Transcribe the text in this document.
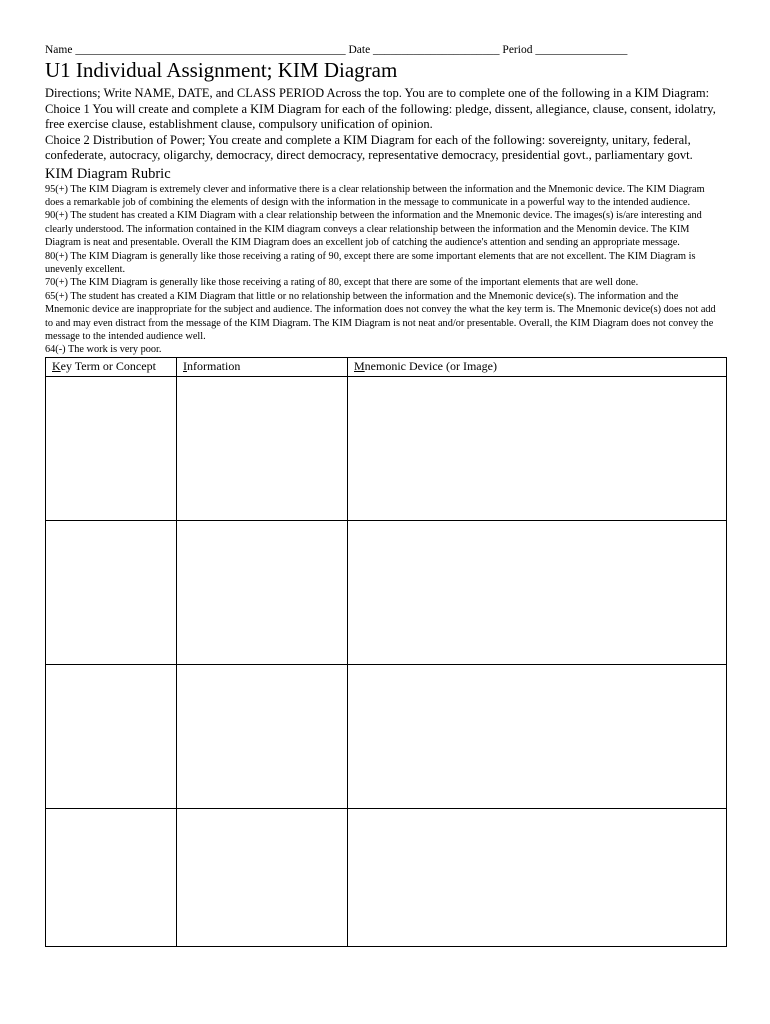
Name _______________________________________________ Date ______________________ Period ________________
U1 Individual Assignment; KIM Diagram

Directions; Write NAME, DATE, and CLASS PERIOD Across the top. You are to complete one of the following in a KIM Diagram:

Choice 1 You will create and complete a KIM Diagram for each of the following: pledge, dissent, allegiance, clause, consent, idolatry, free exercise clause, establishment clause, compulsory unification of opinion.

Choice 2 Distribution of Power; You create and complete a KIM Diagram for each of the following: sovereignty, unitary, federal, confederate, autocracy, oligarchy, democracy, direct democracy, representative democracy, presidential govt., parliamentary govt.

KIM Diagram Rubric

95(+) The KIM Diagram is extremely clever and informative there is a clear relationship between the information and the Mnemonic device. The KIM Diagram does a remarkable job of combining the elements of design with the information in the message to communicate in a powerful way to the intended audience.

90(+) The student has created a KIM Diagram with a clear relationship between the information and the Mnemonic device. The images(s) is/are interesting and clearly understood. The information contained in the KIM diagram conveys a clear relationship between the information and the Menomin device. The KIM Diagram is neat and presentable. Overall the KIM Diagram does an excellent job of catching the audience's attention and sending an appropriate message.

80(+) The KIM Diagram is generally like those receiving a rating of 90, except there are some important elements that are not excellent. The KIM Diagram is unevenly excellent.

70(+) The KIM Diagram is generally like those receiving a rating of 80, except that there are some of the important elements that are well done.

65(+) The student has created a KIM Diagram that little or no relationship between the information and the Mnemonic device(s). The information and the Mnemonic device are inappropriate for the subject and audience. The information does not convey the what the key term is. The Mnemonic device(s) does not add to and may even distract from the message of the KIM Diagram. The KIM Diagram is not neat and/or presentable. Overall, the KIM Diagram does not convey the message to the intended audience well.

64(-) The work is very poor.

Key Term or Concept	Information	Mnemonic Device (or Image)
